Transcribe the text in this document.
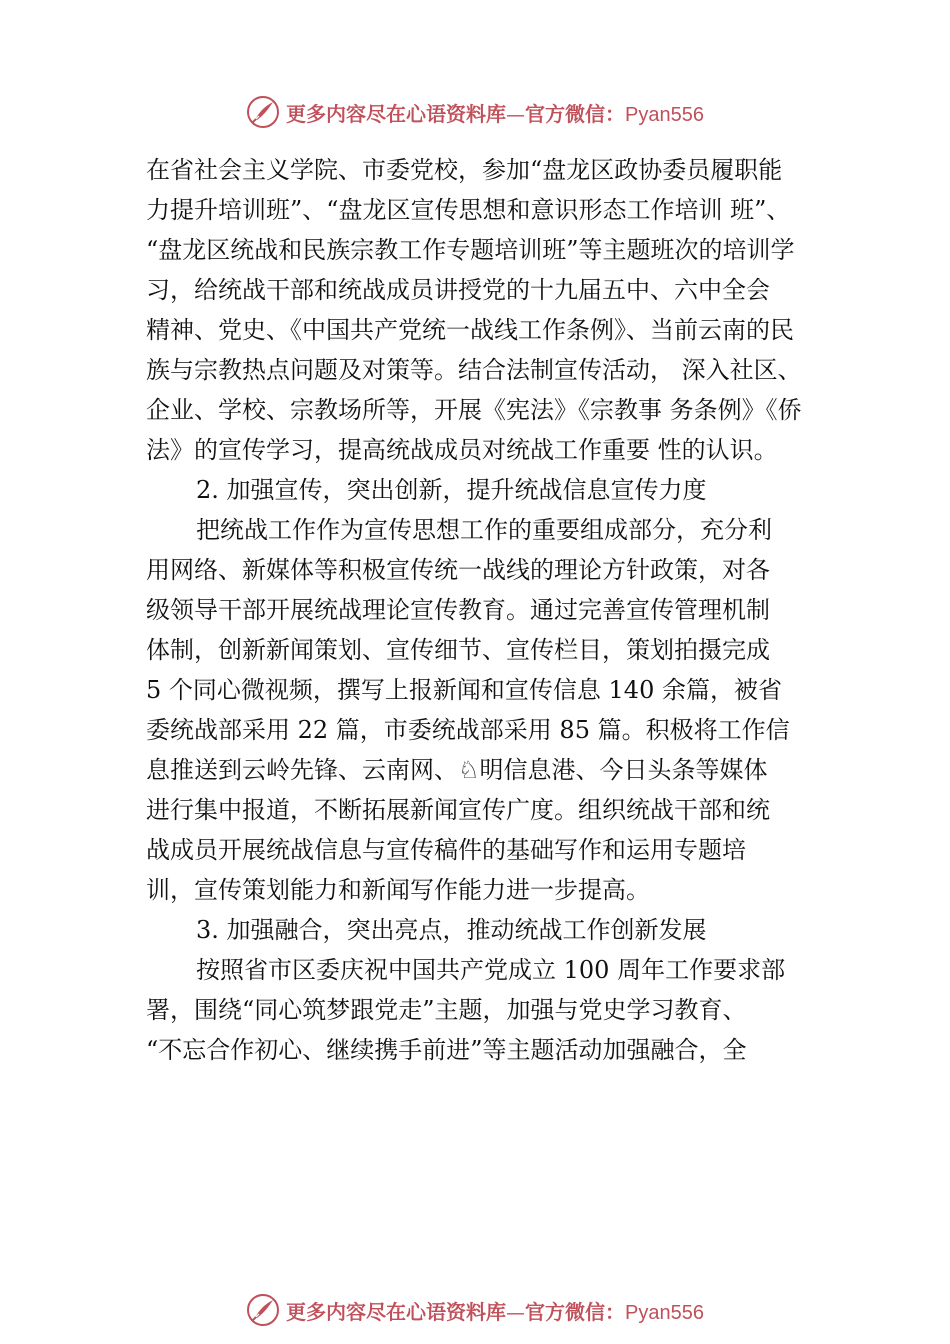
更多内容尽在心语资料库 — 官方微信： Pyan556
在省社会主义学院、市委党校，参加“盘龙区政协委员履职能
力提升培训班”、“盘龙区宣传思想和意识形态工作培训 班”、
“盘龙区统战和民族宗教工作专题培训班”等主题班次的培训学
习，给统战干部和统战成员讲授党的十九届五中、六中全会
精神、党史、《中国共产党统一战线工作条例》、当前云南的民
族与宗教热点问题及对策等。结合法制宣传活动， 深入社区、
企业、学校、宗教场所等，开展《宪法》《宗教事 务条例》《侨
法》的宣传学习，提高统战成员对统战工作重要 性的认识。
2. 加强宣传，突出创新，提升统战信息宣传力度
把统战工作作为宣传思想工作的重要组成部分，充分利
用网络、新媒体等积极宣传统一战线的理论方针政策，对各
级领导干部开展统战理论宣传教育。通过完善宣传管理机制
体制，创新新闻策划、宣传细节、宣传栏目，策划拍摄完成
5 个同心微视频，撰写上报新闻和宣传信息 140 余篇，被省
委统战部采用 22 篇，市委统战部采用 85 篇。积极将工作信
息推送到云岭先锋、云南网、♘明信息港、今日头条等媒体
进行集中报道，不断拓展新闻宣传广度。组织统战干部和统
战成员开展统战信息与宣传稿件的基础写作和运用专题培
训，宣传策划能力和新闻写作能力进一步提高。
3. 加强融合，突出亮点，推动统战工作创新发展
按照省市区委庆祝中国共产党成立 100 周年工作要求部
署，围绕“同心筑梦跟党走”主题，加强与党史学习教育、
“不忘合作初心、继续携手前进”等主题活动加强融合，全
更多内容尽在心语资料库 — 官方微信： Pyan556
